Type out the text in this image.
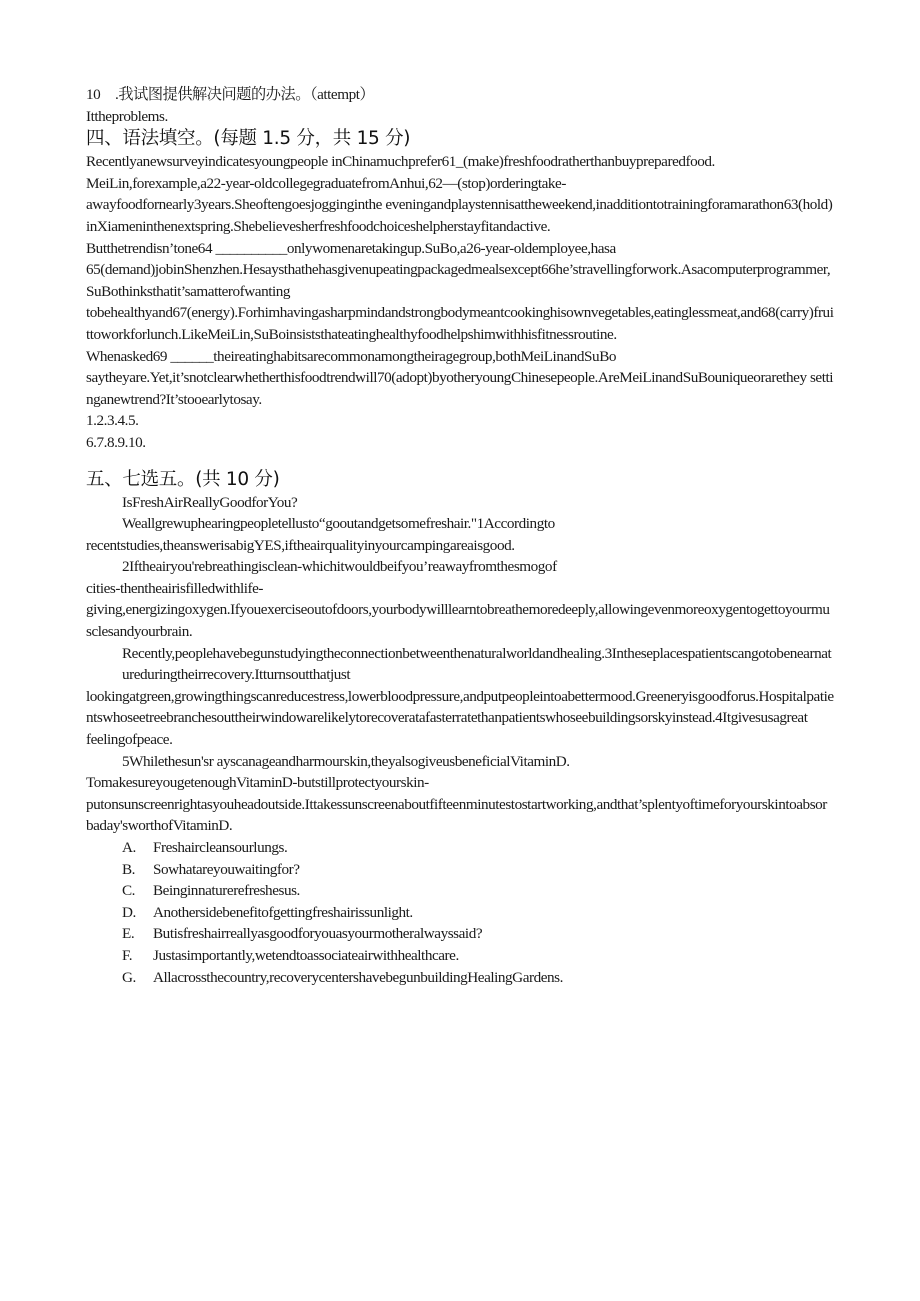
10　.我试图提供解决问题的办法。（attempt）
Ittheproblems.
四、语法填空。(每题 1.5 分，共 15 分)
Recentlyanewsurveyindicatesyoungpeople inChinamuchprefer61_(make)freshfoodratherthanbuypreparedfood.
MeiLin,forexample,a22-year-oldcollegegraduatefromAnhui,62—(stop)orderingtake-
awayfoodfornearly3years.Sheoftengoesjogginginthe eveningandplaystennisattheweekend,inadditiontotrainingforamarathon63(hold)inXiameninthenextspring.Shebelievesherfreshfoodchoiceshelpherstayfitandactive.
Butthetrendisn’tone64 __________onlywomenaretakingup.SuBo,a26-year-oldemployee,hasa
65(demand)jobinShenzhen.Hesaysthathehasgivenupeatingpackagedmealsexcept66he’stravellingforwork.Asacomputerprogrammer,SuBothinksthatit’samatterofwanting
tobehealthyand67(energy).Forhimhavingasharpmindandstrongbodymeantcookinghisownvegetables,eatinglessmeat,and68(carry)fruittoworkforlunch.LikeMeiLin,SuBoinsiststhateatinghealthyfoodhelpshimwithhisfitnessroutine.
Whenasked69 ______theireatinghabitsarecommonamongtheiragegroup,bothMeiLinandSuBo
saytheyare.Yet,it’snotclearwhetherthisfoodtrendwill70(adopt)byotheryoungChinesepeople.AreMeiLinandSuBouniqueorarethey settinganewtrend?It’stooearlytosay.
1.2.3.4.5.
6.7.8.9.10.
五、七选五。(共 10 分)
IsFreshAirReallyGoodforYou?
Weallgrewuphearingpeopletellusto“gooutandgetsomefreshair."1Accordingto
recentstudies,theanswerisabigYES,iftheairqualityinyourcampingareaisgood.
2Iftheairyou'rebreathingisclean-whichitwouldbeifyou’reawayfromthesmogof
cities-thentheairisfilledwithlife-
giving,energizingoxygen.Ifyouexerciseoutofdoors,yourbodywilllearntobreathemoredeeply,allowingevenmoreoxygentogettoyourmusclesandyourbrain.
Recently,peoplehavebegunstudyingtheconnectionbetweenthenaturalworldandhealing.3Intheseplacespatientscangotobenearnatureduringtheirrecovery.Itturnsoutthatjust
lookingatgreen,growingthingscanreducestress,lowerbloodpressure,andputpeopleintoabettermood.Greeneryisgoodforus.Hospitalpatientswhoseetreebranchesouttheirwindowarelikelytorecoveratafasterratethanpatientswhoseebuildingsorskyinstead.4Itgivesusagreat
feelingofpeace.
5Whilethesun'sr ayscanageandharmourskin,theyalsogiveusbeneficialVitaminD.
TomakesureyougetenoughVitaminD-butstillprotectyourskin-
putonsunscreenrightasyouheadoutside.Ittakessunscreenaboutfifteenminutestostartworking,andthat’splentyoftimeforyourskintoabsorbaday'sworthofVitaminD.
A. Freshaircleansourlungs.
B. Sowhatareyouwaitingfor?
C. Beinginnaturerefreshesus.
D. Anothersidebenefitofgettingfreshairissunlight.
E. Butisfreshairreallyasgoodforyouasyourmotheralwayssaid?
F. Justasimportantly,wetendtoassociateairwithhealthcare.
G. Allacrossthecountry,recoverycentershavebegunbuildingHealingGardens.
